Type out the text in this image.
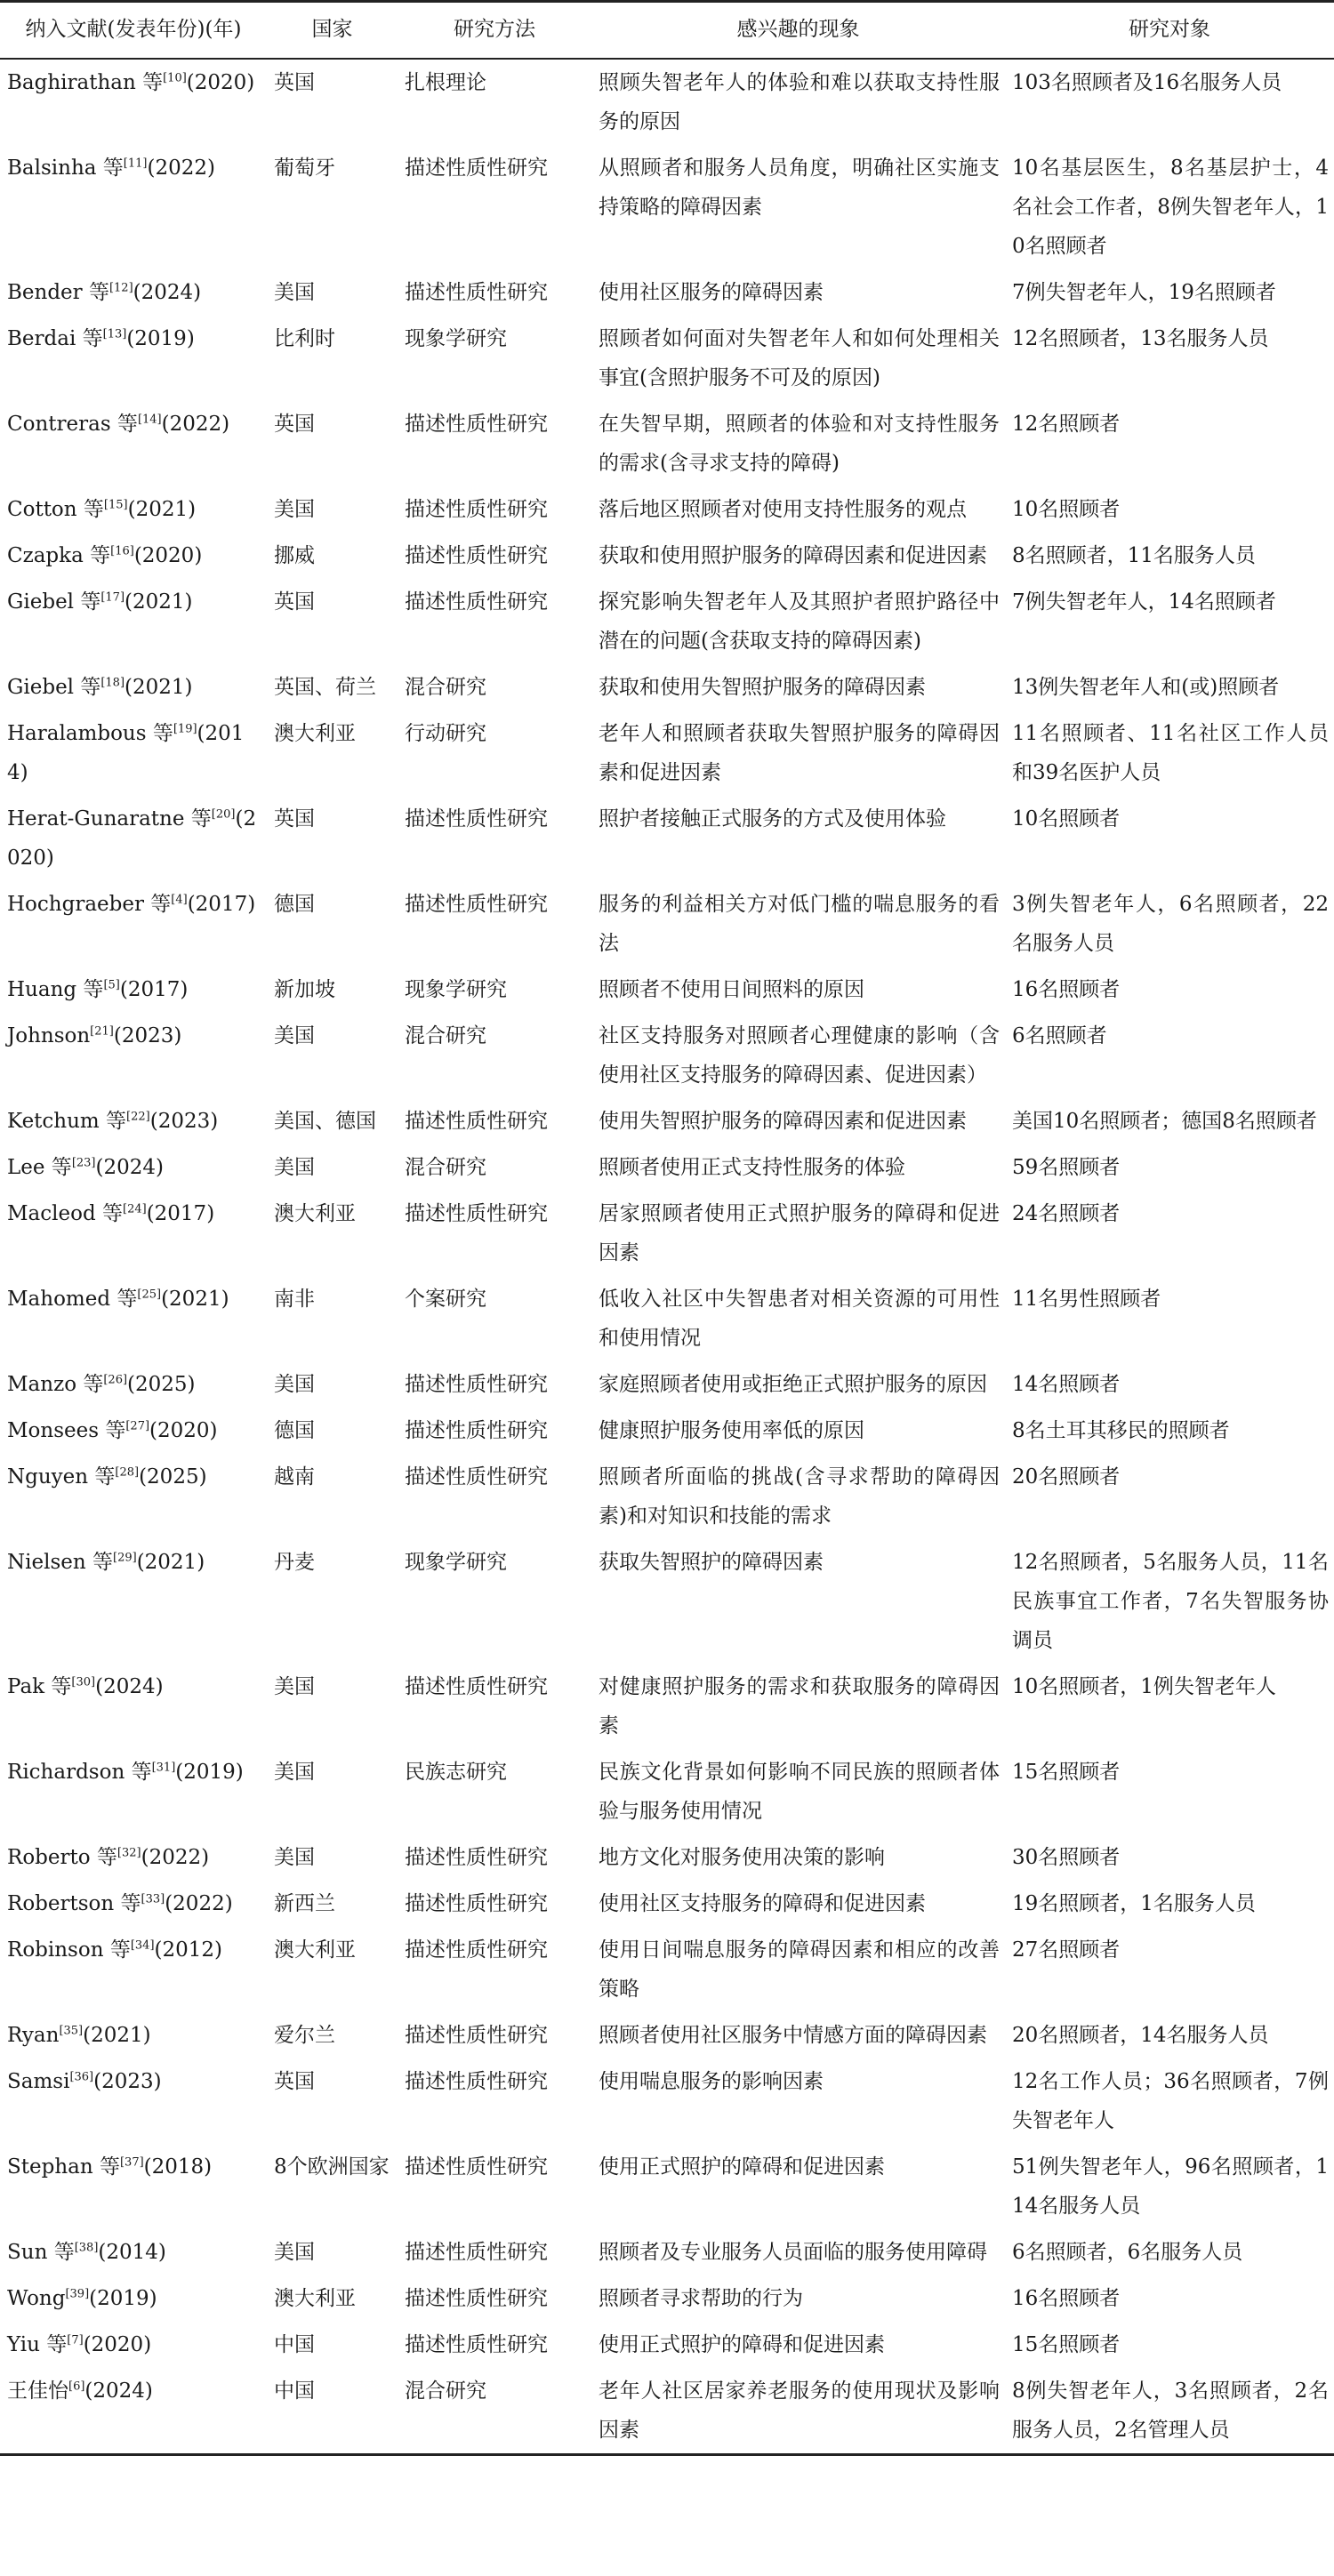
纳入文献(发表年份)(年)	国家	研究方法	感兴趣的现象	研究对象
Baghirathan 等[10](2020)	英国	扎根理论	照顾失智老年人的体验和难以获取支持性服务的原因	103名照顾者及16名服务人员
Balsinha 等[11](2022)	葡萄牙	描述性质性研究	从照顾者和服务人员角度，明确社区实施支持策略的障碍因素	10名基层医生，8名基层护士，4名社会工作者，8例失智老年人，10名照顾者
Bender 等[12](2024)	美国	描述性质性研究	使用社区服务的障碍因素	7例失智老年人，19名照顾者
Berdai 等[13](2019)	比利时	现象学研究	照顾者如何面对失智老年人和如何处理相关事宜(含照护服务不可及的原因)	12名照顾者，13名服务人员
Contreras 等[14](2022)	英国	描述性质性研究	在失智早期，照顾者的体验和对支持性服务的需求(含寻求支持的障碍)	12名照顾者
Cotton 等[15](2021)	美国	描述性质性研究	落后地区照顾者对使用支持性服务的观点	10名照顾者
Czapka 等[16](2020)	挪威	描述性质性研究	获取和使用照护服务的障碍因素和促进因素	8名照顾者，11名服务人员
Giebel 等[17](2021)	英国	描述性质性研究	探究影响失智老年人及其照护者照护路径中潜在的问题(含获取支持的障碍因素)	7例失智老年人，14名照顾者
Giebel 等[18](2021)	英国、荷兰	混合研究	获取和使用失智照护服务的障碍因素	13例失智老年人和(或)照顾者
Haralambous 等[19](2014)	澳大利亚	行动研究	老年人和照顾者获取失智照护服务的障碍因素和促进因素	11名照顾者、11名社区工作人员和39名医护人员
Herat-Gunaratne 等[20](2020)	英国	描述性质性研究	照护者接触正式服务的方式及使用体验	10名照顾者
Hochgraeber 等[4](2017)	德国	描述性质性研究	服务的利益相关方对低门槛的喘息服务的看法	3例失智老年人，6名照顾者，22名服务人员
Huang 等[5](2017)	新加坡	现象学研究	照顾者不使用日间照料的原因	16名照顾者
Johnson[21](2023)	美国	混合研究	社区支持服务对照顾者心理健康的影响（含使用社区支持服务的障碍因素、促进因素）	6名照顾者
Ketchum 等[22](2023)	美国、德国	描述性质性研究	使用失智照护服务的障碍因素和促进因素	美国10名照顾者；德国8名照顾者
Lee 等[23](2024)	美国	混合研究	照顾者使用正式支持性服务的体验	59名照顾者
Macleod 等[24](2017)	澳大利亚	描述性质性研究	居家照顾者使用正式照护服务的障碍和促进因素	24名照顾者
Mahomed 等[25](2021)	南非	个案研究	低收入社区中失智患者对相关资源的可用性和使用情况	11名男性照顾者
Manzo 等[26](2025)	美国	描述性质性研究	家庭照顾者使用或拒绝正式照护服务的原因	14名照顾者
Monsees 等[27](2020)	德国	描述性质性研究	健康照护服务使用率低的原因	8名土耳其移民的照顾者
Nguyen 等[28](2025)	越南	描述性质性研究	照顾者所面临的挑战(含寻求帮助的障碍因素)和对知识和技能的需求	20名照顾者
Nielsen 等[29](2021)	丹麦	现象学研究	获取失智照护的障碍因素	12名照顾者，5名服务人员，11名民族事宜工作者，7名失智服务协调员
Pak 等[30](2024)	美国	描述性质性研究	对健康照护服务的需求和获取服务的障碍因素	10名照顾者，1例失智老年人
Richardson 等[31](2019)	美国	民族志研究	民族文化背景如何影响不同民族的照顾者体验与服务使用情况	15名照顾者
Roberto 等[32](2022)	美国	描述性质性研究	地方文化对服务使用决策的影响	30名照顾者
Robertson 等[33](2022)	新西兰	描述性质性研究	使用社区支持服务的障碍和促进因素	19名照顾者，1名服务人员
Robinson 等[34](2012)	澳大利亚	描述性质性研究	使用日间喘息服务的障碍因素和相应的改善策略	27名照顾者
Ryan[35](2021)	爱尔兰	描述性质性研究	照顾者使用社区服务中情感方面的障碍因素	20名照顾者，14名服务人员
Samsi[36](2023)	英国	描述性质性研究	使用喘息服务的影响因素	12名工作人员；36名照顾者，7例失智老年人
Stephan 等[37](2018)	8个欧洲国家	描述性质性研究	使用正式照护的障碍和促进因素	51例失智老年人，96名照顾者，114名服务人员
Sun 等[38](2014)	美国	描述性质性研究	照顾者及专业服务人员面临的服务使用障碍	6名照顾者，6名服务人员
Wong[39](2019)	澳大利亚	描述性质性研究	照顾者寻求帮助的行为	16名照顾者
Yiu 等[7](2020)	中国	描述性质性研究	使用正式照护的障碍和促进因素	15名照顾者
王佳怡[6](2024)	中国	混合研究	老年人社区居家养老服务的使用现状及影响因素	8例失智老年人，3名照顾者，2名服务人员，2名管理人员
